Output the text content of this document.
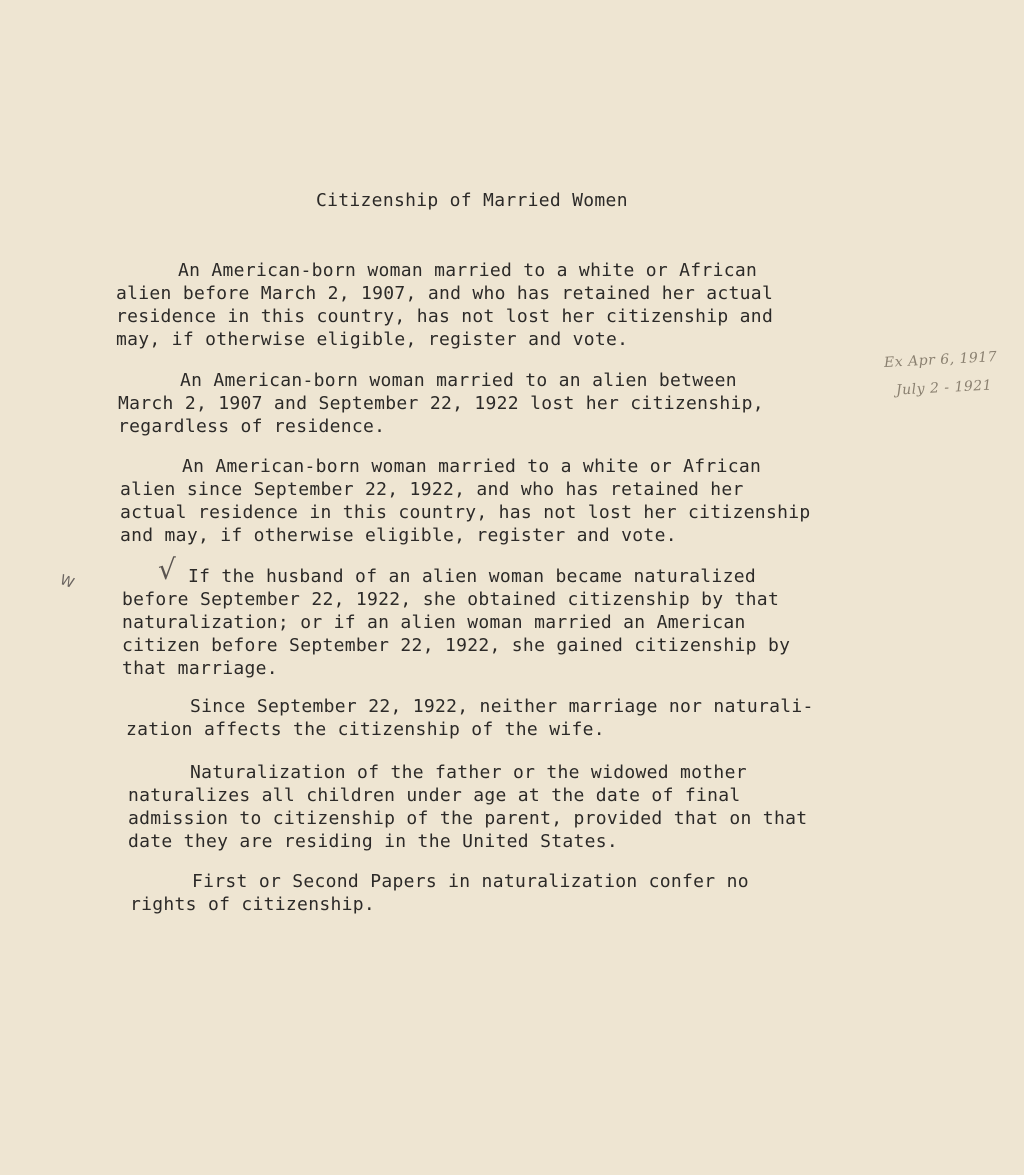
Citizenship of Married Women
An American-born woman married to a white or African
alien before March 2, 1907, and who has retained her actual
residence in this country, has not lost her citizenship and
may, if otherwise eligible, register and vote.
An American-born woman married to an alien between
March 2, 1907 and September 22, 1922 lost her citizenship,
regardless of residence.
Ex Apr 6, 1917
July 2 - 1921
An American-born woman married to a white or African
alien since September 22, 1922, and who has retained her
actual residence in this country, has not lost her citizenship
and may, if otherwise eligible, register and vote.
√
W	If the husband of an alien woman became naturalized
before September 22, 1922, she obtained citizenship by that
naturalization; or if an alien woman married an American
citizen before September 22, 1922, she gained citizenship by
that marriage.
Since September 22, 1922, neither marriage nor naturali-
zation affects the citizenship of the wife.
Naturalization of the father or the widowed mother
naturalizes all children under age at the date of final
admission to citizenship of the parent, provided that on that
date they are residing in the United States.
First or Second Papers in naturalization confer no
rights of citizenship.
